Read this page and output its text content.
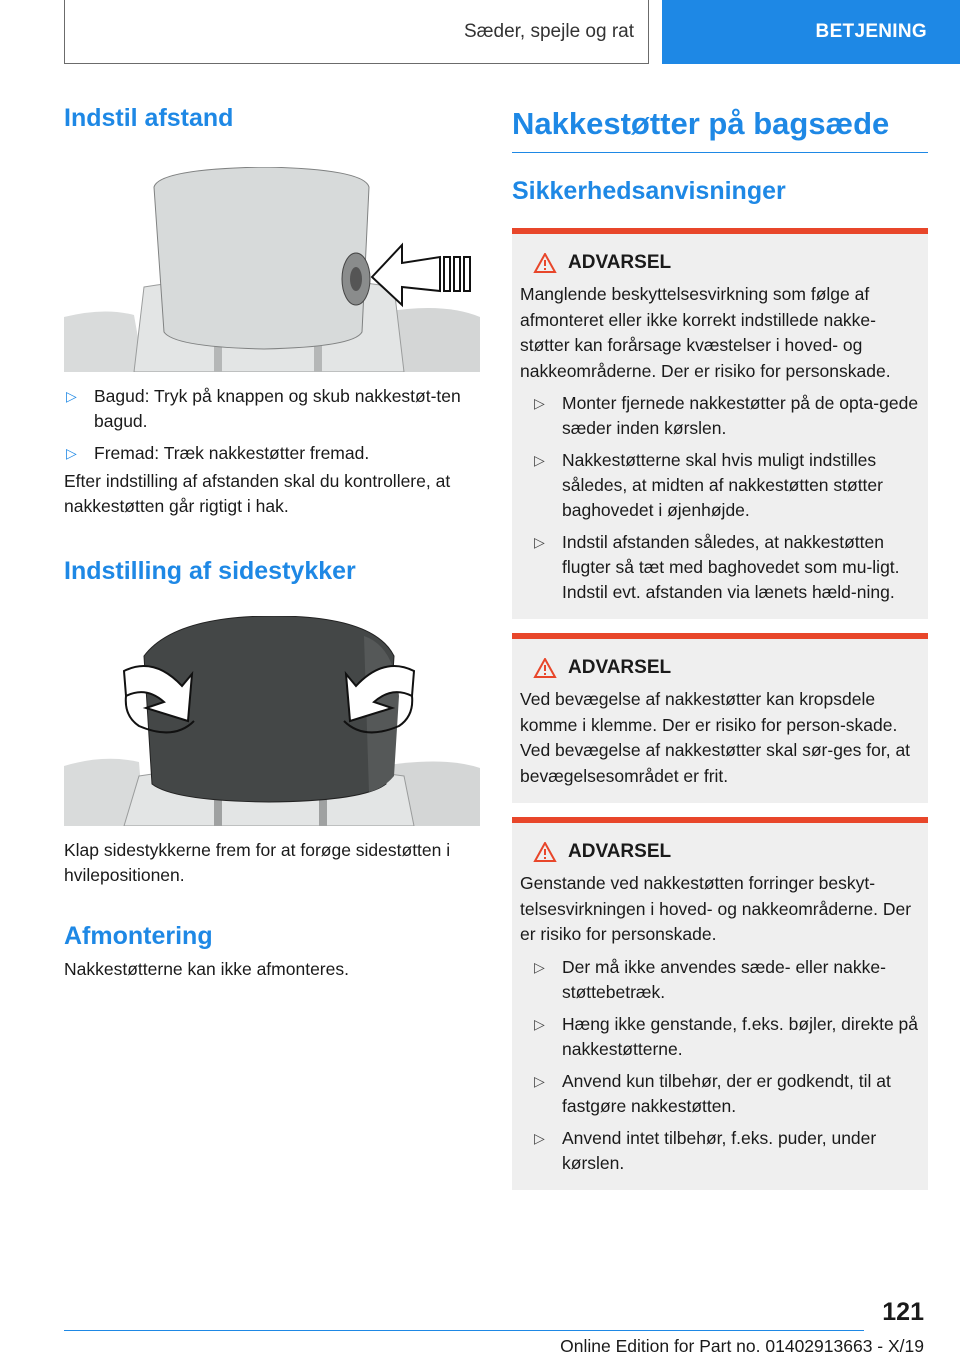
Sæder, spejle og rat	BETJENING
Indstil afstand
▷ Bagud: Tryk på knappen og skub nakkestøt-ten bagud.
▷ Fremad: Træk nakkestøtter fremad.

Efter indstilling af afstanden skal du kontrollere, at nakkestøtten går rigtigt i hak.

Indstilling af sidestykker

Klap sidestykkerne frem for at forøge sidestøtten i hvilepositionen.

Afmontering

Nakkestøtterne kan ikke afmonteres.

Nakkestøtter på bagsæde
Sikkerhedsanvisninger
ADVARSEL

Manglende beskyttelsesvirkning som følge af afmonteret eller ikke korrekt indstillede nakke-støtter kan forårsage kvæstelser i hoved- og nakkeområderne. Der er risiko for personskade.

▷ Monter fjernede nakkestøtter på de opta-gede sæder inden kørslen.
▷ Nakkestøtterne skal hvis muligt indstilles således, at midten af nakkestøtten støtter baghovedet i øjenhøjde.
▷ Indstil afstanden således, at nakkestøtten flugter så tæt med baghovedet som mu-ligt. Indstil evt. afstanden via lænets hæld-ning.
ADVARSEL

Ved bevægelse af nakkestøtter kan kropsdele komme i klemme. Der er risiko for person-skade. Ved bevægelse af nakkestøtter skal sør-ges for, at bevægelsesområdet er frit.

ADVARSEL

Genstande ved nakkestøtten forringer beskyt-telsesvirkningen i hoved- og nakkeområderne. Der er risiko for personskade.

▷ Der må ikke anvendes sæde- eller nakke-støttebetræk.
▷ Hæng ikke genstande, f.eks. bøjler, direkte på nakkestøtterne.
▷ Anvend kun tilbehør, der er godkendt, til at fastgøre nakkestøtten.
▷ Anvend intet tilbehør, f.eks. puder, under kørslen.
121
Online Edition for Part no. 01402913663 - X/19
